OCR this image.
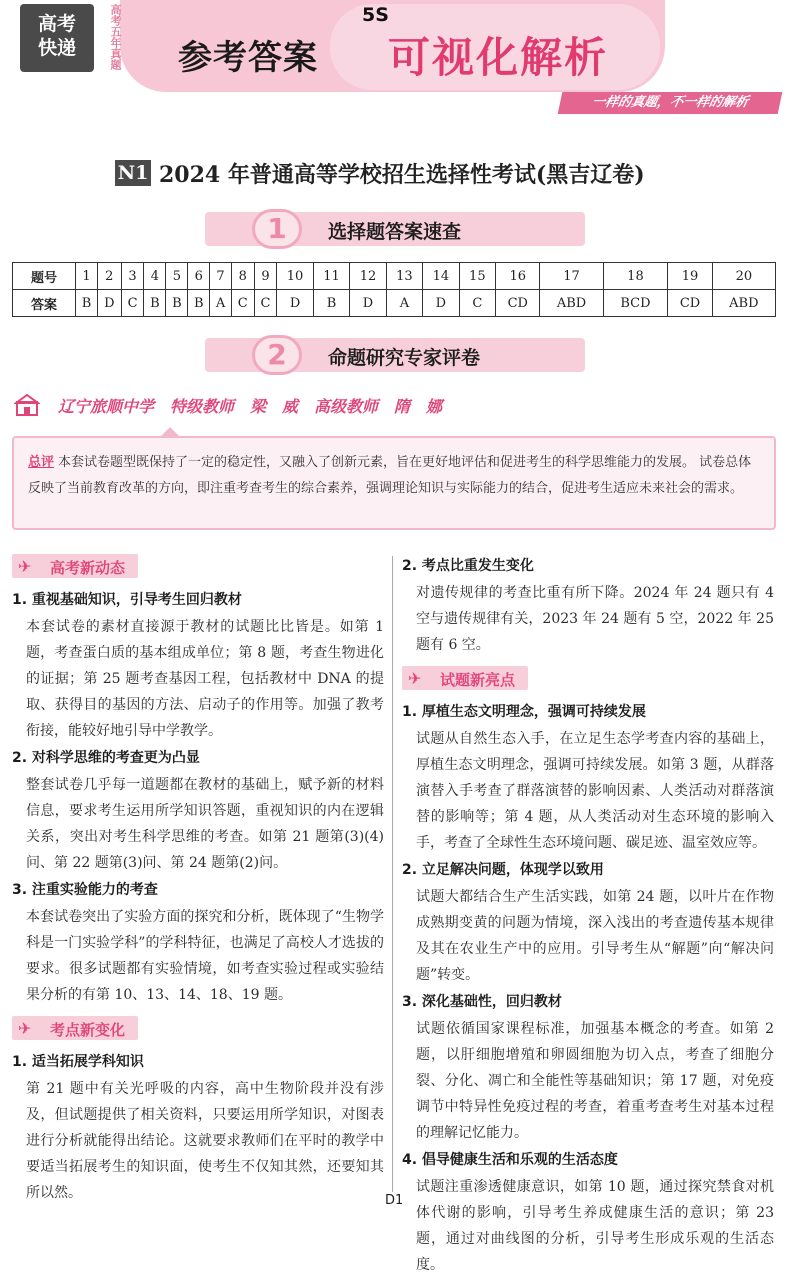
高考
快递	高考五年真题 参考答案
5S
可视化解析
一样的真题，不一样的解析
N1 2024 年普通高等学校招生选择性考试(黑吉辽卷)
1	选择题答案速查
题号	1	2	3	4	5	6	7	8	9	10	11	12	13	14	15	16	17	18	19	20
答案	B	D	C	B	B	B	A	C	C	D	B	D	A	D	C	CD	ABD	BCD	CD	ABD
2	命题研究专家评卷
辽宁旅顺中学　特级教师　梁　威　高级教师　隋　娜

总评 本套试卷题型既保持了一定的稳定性，又融入了创新元素，旨在更好地评估和促进考生的科学思维能力的发展。 试卷总体反映了当前教育改革的方向，即注重考查考生的综合素养，强调理论知识与实际能力的结合，促进考生适应未来社会的需求。

✈ 高考新动态
1. 重视基础知识，引导考生回归教材
本套试卷的素材直接源于教材的试题比比皆是。如第 1 题，考查蛋白质的基本组成单位；第 8 题，考查生物进化的证据；第 25 题考查基因工程，包括教材中 DNA 的提取、获得目的基因的方法、启动子的作用等。加强了教考衔接，能较好地引导中学教学。
2. 对科学思维的考查更为凸显
整套试卷几乎每一道题都在教材的基础上，赋予新的材料信息，要求考生运用所学知识答题，重视知识的内在逻辑关系，突出对考生科学思维的考查。如第 21 题第(3)(4)问、第 22 题第(3)问、第 24 题第(2)问。
3. 注重实验能力的考查
本套试卷突出了实验方面的探究和分析，既体现了“生物学科是一门实验学科”的学科特征，也满足了高校人才选拔的要求。很多试题都有实验情境，如考查实验过程或实验结果分析的有第 10、13、14、18、19 题。
✈ 考点新变化
1. 适当拓展学科知识
第 21 题中有关光呼吸的内容，高中生物阶段并没有涉及，但试题提供了相关资料，只要运用所学知识，对图表进行分析就能得出结论。这就要求教师们在平时的教学中要适当拓展考生的知识面，使考生不仅知其然，还要知其所以然。
2. 考点比重发生变化
对遗传规律的考查比重有所下降。2024 年 24 题只有 4 空与遗传规律有关，2023 年 24 题有 5 空，2022 年 25 题有 6 空。
✈ 试题新亮点
1. 厚植生态文明理念，强调可持续发展
试题从自然生态入手，在立足生态学考查内容的基础上，厚植生态文明理念，强调可持续发展。如第 3 题，从群落演替入手考查了群落演替的影响因素、人类活动对群落演替的影响等；第 4 题，从人类活动对生态环境的影响入手，考查了全球性生态环境问题、碳足迹、温室效应等。
2. 立足解决问题，体现学以致用
试题大都结合生产生活实践，如第 24 题，以叶片在作物成熟期变黄的问题为情境，深入浅出的考查遗传基本规律及其在农业生产中的应用。引导考生从“解题”向“解决问题”转变。
3. 深化基础性，回归教材
试题依循国家课程标准，加强基本概念的考查。如第 2 题，以肝细胞增殖和卵圆细胞为切入点，考查了细胞分裂、分化、凋亡和全能性等基础知识；第 17 题，对免疫调节中特异性免疫过程的考查，着重考查考生对基本过程的理解记忆能力。
4. 倡导健康生活和乐观的生活态度
试题注重渗透健康意识，如第 10 题，通过探究禁食对机体代谢的影响，引导考生养成健康生活的意识；第 23 题，通过对曲线图的分析，引导考生形成乐观的生活态度。
D1
